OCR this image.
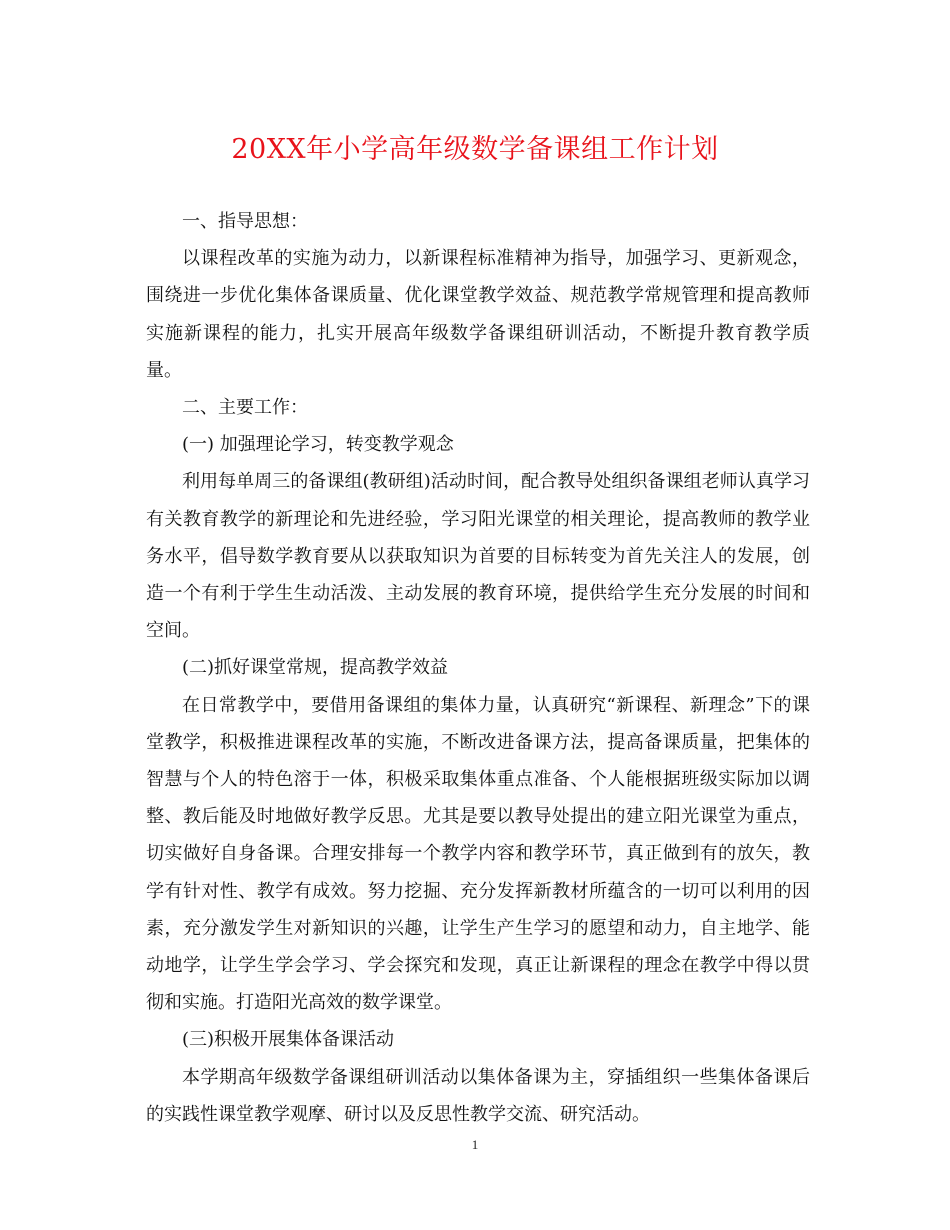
20XX年小学高年级数学备课组工作计划

一、指导思想：

以课程改革的实施为动力，以新课程标准精神为指导，加强学习、更新观念，围绕进一步优化集体备课质量、优化课堂教学效益、规范教学常规管理和提高教师实施新课程的能力，扎实开展高年级数学备课组研训活动，不断提升教育教学质量。

二、主要工作：

(一) 加强理论学习，转变教学观念

利用每单周三的备课组(教研组)活动时间，配合教导处组织备课组老师认真学习有关教育教学的新理论和先进经验，学习阳光课堂的相关理论，提高教师的教学业务水平，倡导数学教育要从以获取知识为首要的目标转变为首先关注人的发展，创造一个有利于学生生动活泼、主动发展的教育环境，提供给学生充分发展的时间和空间。

(二)抓好课堂常规，提高教学效益

在日常教学中，要借用备课组的集体力量，认真研究“新课程、新理念”下的课堂教学，积极推进课程改革的实施，不断改进备课方法，提高备课质量，把集体的智慧与个人的特色溶于一体，积极采取集体重点准备、个人能根据班级实际加以调整、教后能及时地做好教学反思。尤其是要以教导处提出的建立阳光课堂为重点，切实做好自身备课。合理安排每一个教学内容和教学环节，真正做到有的放矢，教学有针对性、教学有成效。努力挖掘、充分发挥新教材所蕴含的一切可以利用的因素，充分激发学生对新知识的兴趣，让学生产生学习的愿望和动力，自主地学、能动地学，让学生学会学习、学会探究和发现，真正让新课程的理念在教学中得以贯彻和实施。打造阳光高效的数学课堂。

(三)积极开展集体备课活动

本学期高年级数学备课组研训活动以集体备课为主，穿插组织一些集体备课后的实践性课堂教学观摩、研讨以及反思性教学交流、研究活动。

1
